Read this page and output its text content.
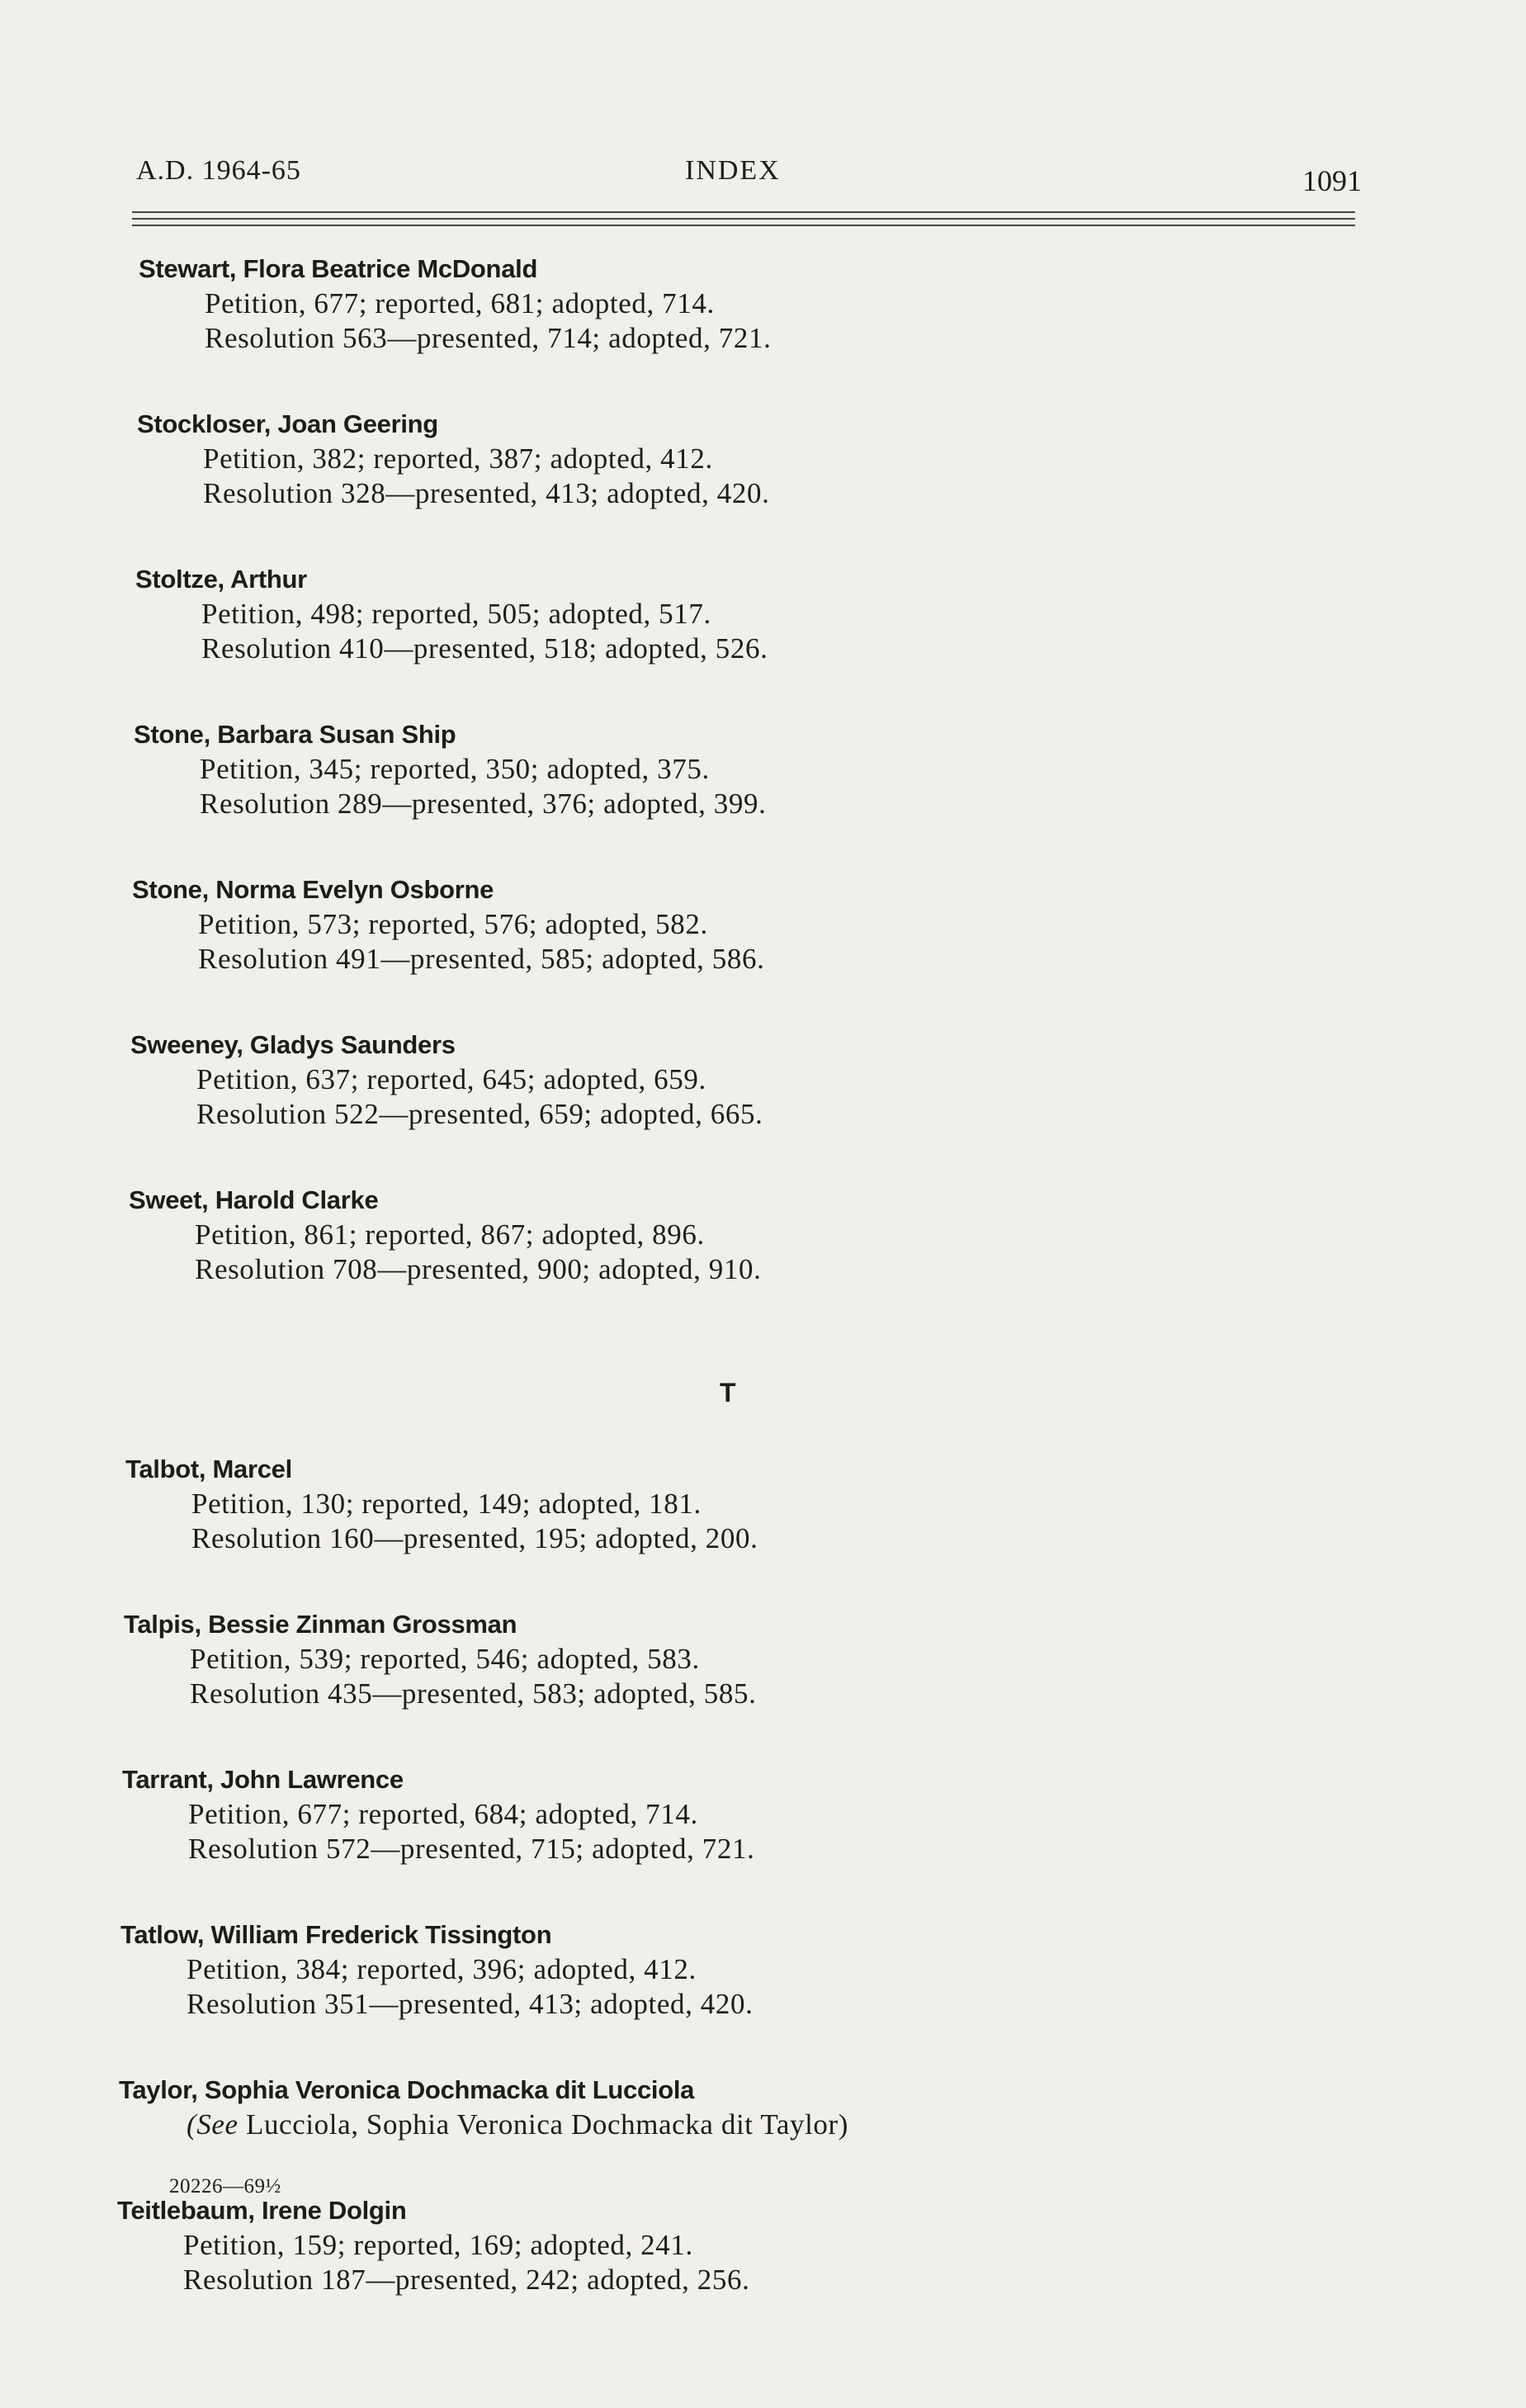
A.D. 1964-65	INDEX	1091
Stewart, Flora Beatrice McDonald
Petition, 677; reported, 681; adopted, 714.
Resolution 563—presented, 714; adopted, 721.
Stockloser, Joan Geering
Petition, 382; reported, 387; adopted, 412.
Resolution 328—presented, 413; adopted, 420.
Stoltze, Arthur
Petition, 498; reported, 505; adopted, 517.
Resolution 410—presented, 518; adopted, 526.
Stone, Barbara Susan Ship
Petition, 345; reported, 350; adopted, 375.
Resolution 289—presented, 376; adopted, 399.
Stone, Norma Evelyn Osborne
Petition, 573; reported, 576; adopted, 582.
Resolution 491—presented, 585; adopted, 586.
Sweeney, Gladys Saunders
Petition, 637; reported, 645; adopted, 659.
Resolution 522—presented, 659; adopted, 665.
Sweet, Harold Clarke
Petition, 861; reported, 867; adopted, 896.
Resolution 708—presented, 900; adopted, 910.
T
Talbot, Marcel
Petition, 130; reported, 149; adopted, 181.
Resolution 160—presented, 195; adopted, 200.
Talpis, Bessie Zinman Grossman
Petition, 539; reported, 546; adopted, 583.
Resolution 435—presented, 583; adopted, 585.
Tarrant, John Lawrence
Petition, 677; reported, 684; adopted, 714.
Resolution 572—presented, 715; adopted, 721.
Tatlow, William Frederick Tissington
Petition, 384; reported, 396; adopted, 412.
Resolution 351—presented, 413; adopted, 420.
Taylor, Sophia Veronica Dochmacka dit Lucciola
(See Lucciola, Sophia Veronica Dochmacka dit Taylor)
Teitlebaum, Irene Dolgin
Petition, 159; reported, 169; adopted, 241.
Resolution 187—presented, 242; adopted, 256.
20226—69½
